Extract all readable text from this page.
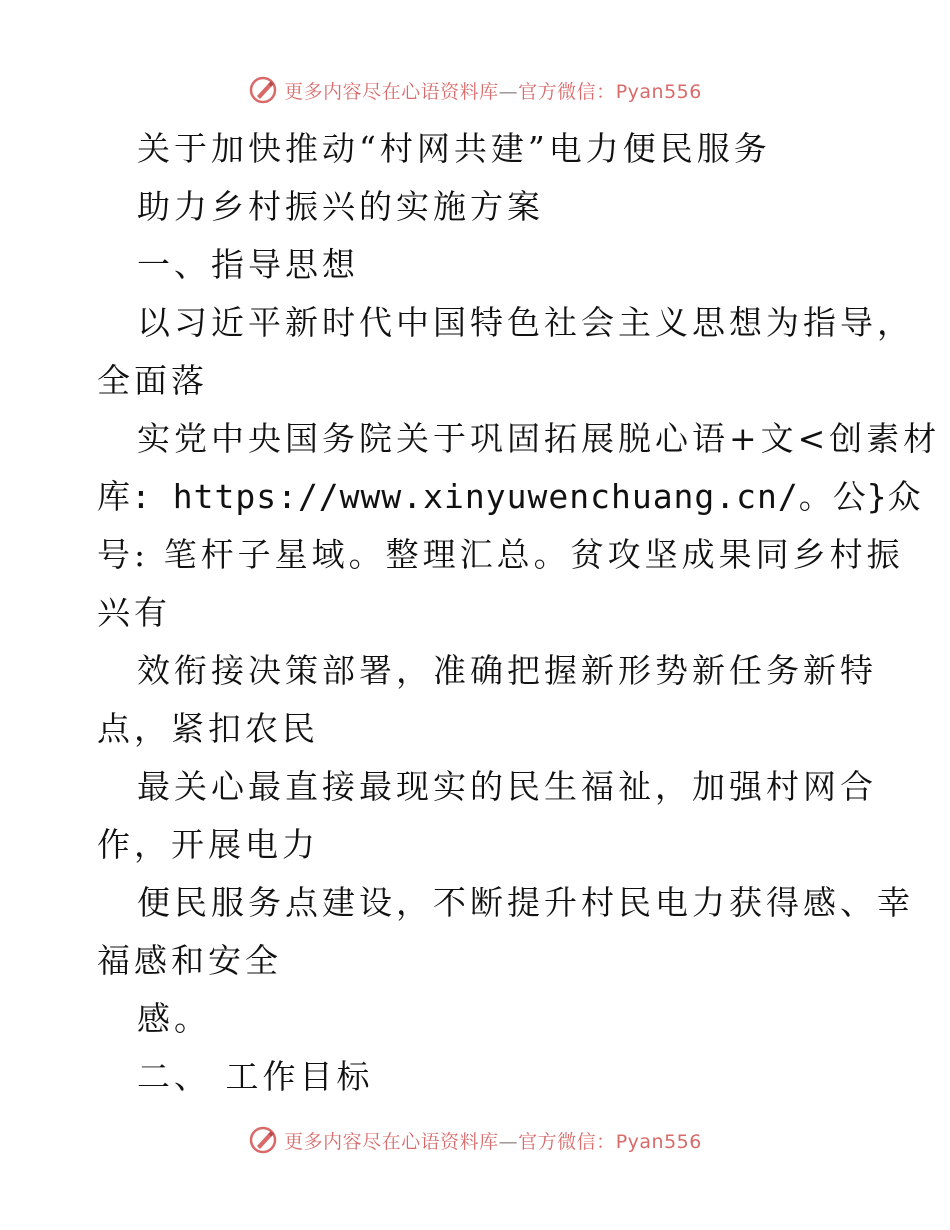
更多内容尽在心语资料库—官方微信：Pyan556
关于加快推动“村网共建”电力便民服务
助力乡村振兴的实施方案
一、指导思想
以习近平新时代中国特色社会主义思想为指导，
全面落
实党中央国务院关于巩固拓展脱心语+文<创素材
库: https://www.xinyuwenchuang.cn/。公}众
号: 笔杆子星域。整理汇总。贫攻坚成果同乡村振
兴有
效衔接决策部署，准确把握新形势新任务新特
点，紧扣农民
最关心最直接最现实的民生福祉，加强村网合
作，开展电力
便民服务点建设，不断提升村民电力获得感、幸
福感和安全
感。
二、 工作目标
更多内容尽在心语资料库—官方微信：Pyan556
